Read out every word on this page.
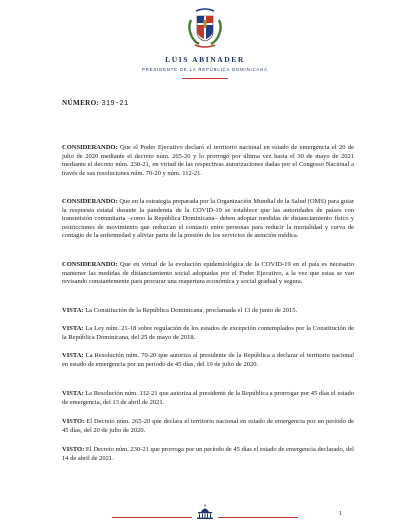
LUIS ABINADER
PRESIDENTE DE LA REPÚBLICA DOMINICANA
NÚMERO: 319-21

CONSIDERANDO: Que el Poder Ejecutivo declaró el territorio nacional en estado de emergencia el 20 de julio de 2020 mediante el decreto núm. 265-20 y lo prorrogó por última vez hasta el 30 de mayo de 2021 mediante el decreto núm. 230-21, en virtud de las respectivas autorizaciones dadas por el Congreso Nacional a través de sus resoluciones núm. 70-20 y núm. 112-21.

CONSIDERANDO: Que en la estrategia preparada por la Organización Mundial de la Salud (OMS) para guiar la respuesta estatal durante la pandemia de la COVID-19 se establece que las autoridades de países con transmisión comunitaria –como la República Dominicana– deben adoptar medidas de distanciamiento físico y restricciones de movimiento que reduzcan el contacto entre personas para reducir la mortalidad y curva de contagio de la enfermedad y aliviar parte de la presión de los servicios de atención médica.

CONSIDERANDO: Que en virtud de la evolución epidemiológica de la COVID-19 en el país es necesario mantener las medidas de distanciamiento social adoptadas por el Poder Ejecutivo, a la vez que estas se van revisando constantemente para procurar una reapertura económica y social gradual y segura.

VISTA: La Constitución de la República Dominicana, proclamada el 13 de junio de 2015.

VISTA: La Ley núm. 21-18 sobre regulación de los estados de excepción contemplados por la Constitución de la República Dominicana, del 25 de mayo de 2018.

VISTA: La Resolución núm. 70-20 que autoriza al presidente de la República a declarar el territorio nacional en estado de emergencia por un período de 45 días, del 19 de julio de 2020.

VISTA: La Resolución núm. 112-21 que autoriza al presidente de la República a prorrogar por 45 días el estado de emergencia, del 13 de abril de 2021.

VISTO: El Decreto núm. 265-20 que declara el territorio nacional en estado de emergencia por un período de 45 días, del 20 de julio de 2020.

VISTO: El Decreto núm. 230-21 que prorroga por un período de 45 días el estado de emergencia declarado, del 14 de abril de 2021.

1
